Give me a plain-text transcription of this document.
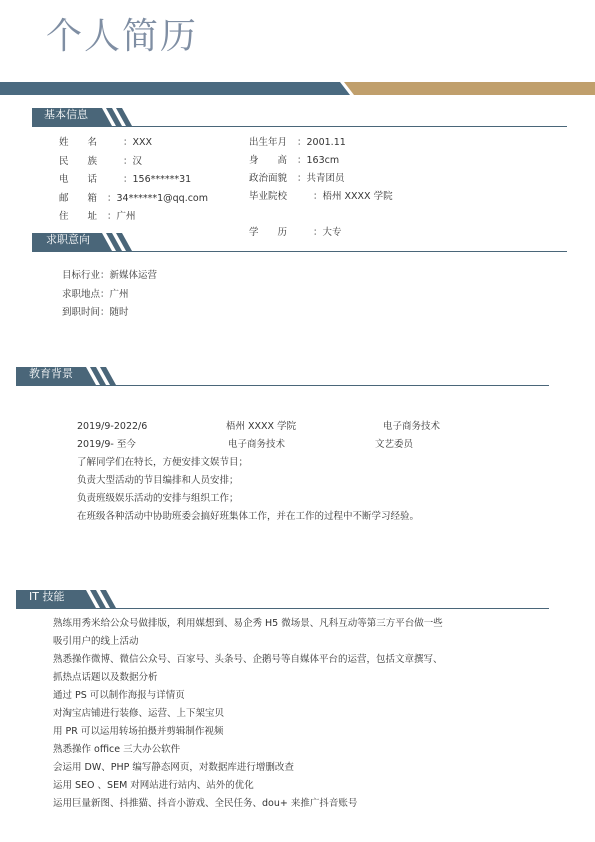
个人简历
基本信息
姓　　名	：XXX
民　　族	：汉
电　　话	：156******31
邮　　箱 ：34******1@qq.com
住　　址 ：广州
出生年月 ：2001.11
身　　高 ：163cm
政治面貌 ：共青团员
毕业院校	：梧州 XXXX 学院
学　　历	：大专
求职意向
目标行业：新媒体运营
求职地点：广州
到职时间：随时
教育背景
2019/9-2022/6	梧州 XXXX 学院	电子商务技术
2019/9- 至今	电子商务技术	文艺委员
了解同学们在特长，方便安排文娱节目；
负责大型活动的节目编排和人员安排；
负责班级娱乐活动的安排与组织工作；
在班级各种活动中协助班委会搞好班集体工作，并在工作的过程中不断学习经验。
IT 技能
熟练用秀米给公众号做排版，利用媒想到、易企秀 H5 微场景、凡科互动等第三方平台做一些
吸引用户的线上活动
熟悉操作微博、微信公众号、百家号、头条号、企鹅号等自媒体平台的运营，包括文章撰写、
抓热点话题以及数据分析
通过 PS 可以制作海报与详情页
对淘宝店铺进行装修、运营、上下架宝贝
用 PR 可以运用转场拍摄并剪辑制作视频
熟悉操作 office 三大办公软件
会运用 DW、PHP 编写静态网页，对数据库进行增删改查
运用 SEO 、SEM 对网站进行站内、站外的优化
运用巨量新图、抖推猫、抖音小游戏、全民任务、dou+ 来推广抖音账号
